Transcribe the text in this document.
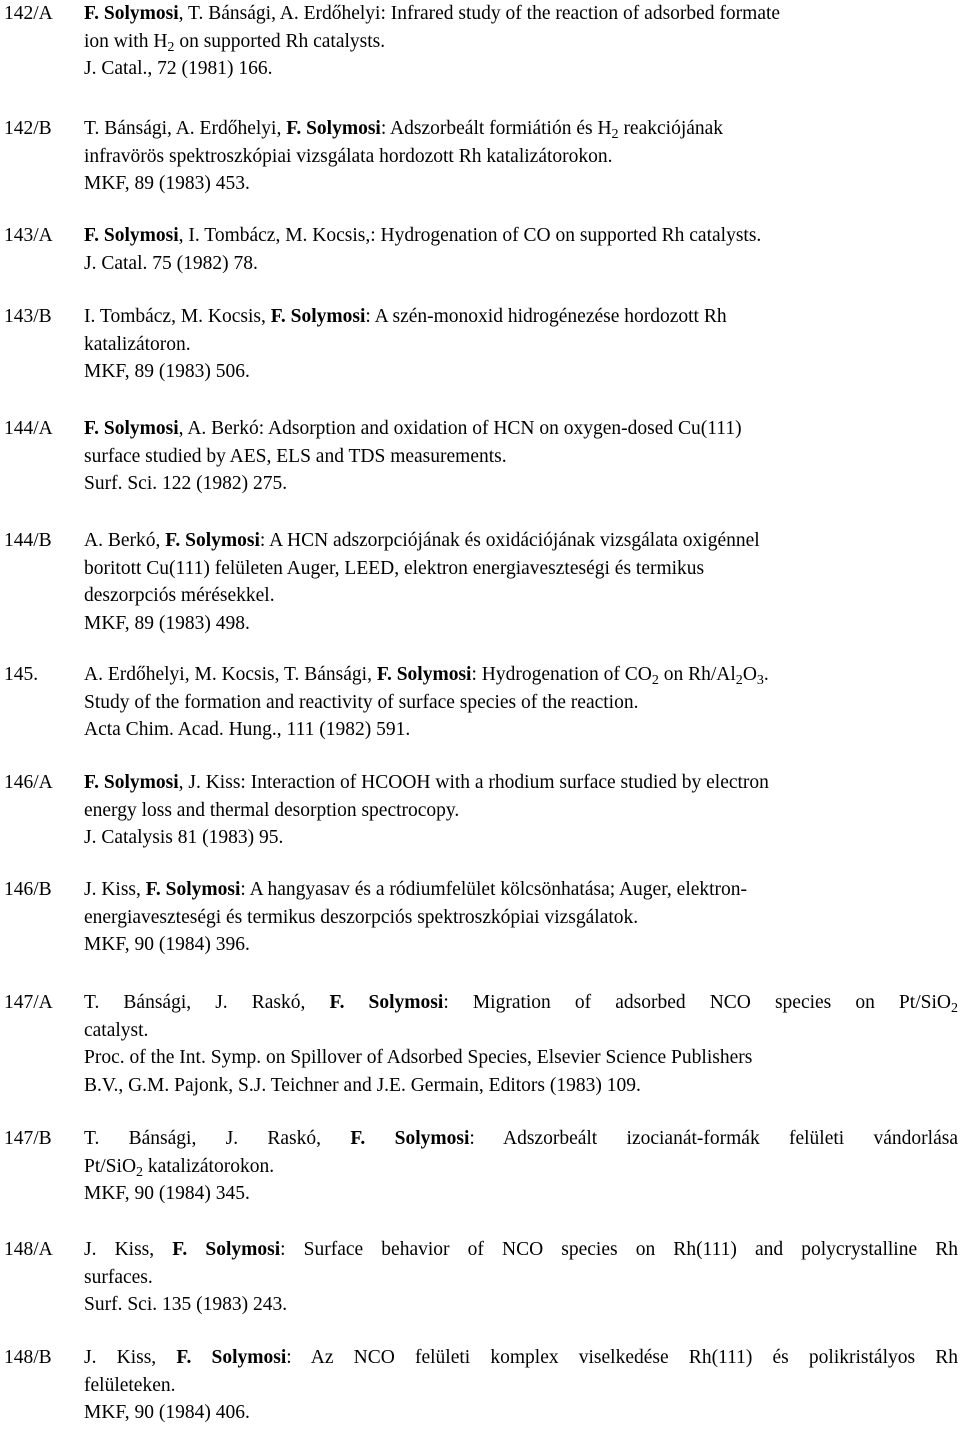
142/A F. Solymosi, T. Bánsági, A. Erdőhelyi: Infrared study of the reaction of adsorbed formate
ion with $H_2$ on supported Rh catalysts.
J. Catal., 72 (1981) 166.
142/B T. Bánsági, A. Erdőhelyi, F. Solymosi: Adszorbeált formiátión és $H_2$ reakciójának
infravörös spektroszkópiai vizsgálata hordozott Rh katalizátorokon.
MKF, 89 (1983) 453.
143/A F. Solymosi, I. Tombácz, M. Kocsis,: Hydrogenation of CO on supported Rh catalysts.
J. Catal. 75 (1982) 78.
143/B I. Tombácz, M. Kocsis, F. Solymosi: A szén-monoxid hidrogénezése hordozott Rh
katalizátoron.
MKF, 89 (1983) 506.
144/A F. Solymosi, A. Berkó: Adsorption and oxidation of HCN on oxygen-dosed Cu(111)
surface studied by AES, ELS and TDS measurements.
Surf. Sci. 122 (1982) 275.
144/B A. Berkó, F. Solymosi: A HCN adszorpciójának és oxidációjának vizsgálata oxigénnel
boritott Cu(111) felületen Auger, LEED, elektron energiaveszteségi és termikus
deszorpciós mérésekkel.
MKF, 89 (1983) 498.
145. A. Erdőhelyi, M. Kocsis, T. Bánsági, F. Solymosi: Hydrogenation of $CO_2$ on $Rh/Al_2O_3$.
Study of the formation and reactivity of surface species of the reaction.
Acta Chim. Acad. Hung., 111 (1982) 591.
146/A F. Solymosi, J. Kiss: Interaction of HCOOH with a rhodium surface studied by electron
energy loss and thermal desorption spectrocopy.
J. Catalysis 81 (1983) 95.
146/B J. Kiss, F. Solymosi: A hangyasav és a ródiumfelület kölcsönhatása; Auger, elektron-
energiaveszteségi és termikus deszorpciós spektroszkópiai vizsgálatok.
MKF, 90 (1984) 396.
147/A T. Bánsági, J. Raskó, F. Solymosi: Migration of adsorbed NCO species on Pt/SiO$_2$
catalyst.
Proc. of the Int. Symp. on Spillover of Adsorbed Species, Elsevier Science Publishers
B.V., G.M. Pajonk, S.J. Teichner and J.E. Germain, Editors (1983) 109.
147/B T. Bánsági, J. Raskó, F. Solymosi: Adszorbeált izocianát-formák felületi vándorlása
Pt/SiO$_2$ katalizátorokon.
MKF, 90 (1984) 345.
148/A J. Kiss, F. Solymosi: Surface behavior of NCO species on Rh(111) and polycrystalline Rh
surfaces.
Surf. Sci. 135 (1983) 243.
148/B J. Kiss, F. Solymosi: Az NCO felületi komplex viselkedése Rh(111) és polikristályos Rh
felületeken.
MKF, 90 (1984) 406.
